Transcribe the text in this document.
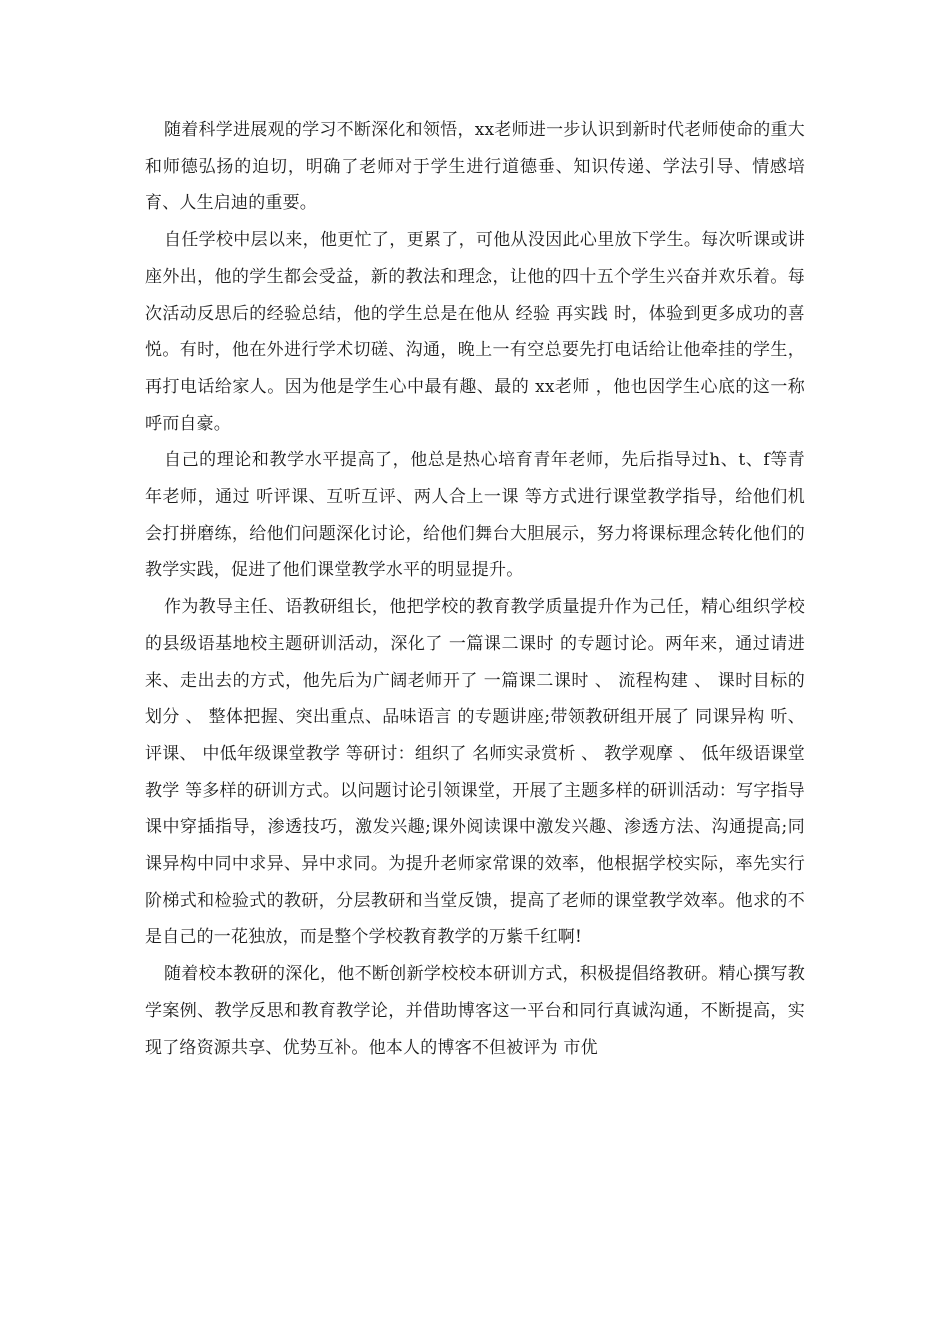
随着科学进展观的学习不断深化和领悟，xx老师进一步认识到新时代老师使命的重大和师德弘扬的迫切，明确了老师对于学生进行道德垂、知识传递、学法引导、情感培育、人生启迪的重要。

自任学校中层以来，他更忙了，更累了，可他从没因此心里放下学生。每次听课或讲座外出，他的学生都会受益，新的教法和理念，让他的四十五个学生兴奋并欢乐着。每次活动反思后的经验总结，他的学生总是在他从 经验 再实践 时，体验到更多成功的喜悦。有时，他在外进行学术切磋、沟通，晚上一有空总要先打电话给让他牵挂的学生，再打电话给家人。因为他是学生心中最有趣、最的 xx老师 ，他也因学生心底的这一称呼而自豪。

自己的理论和教学水平提高了，他总是热心培育青年老师，先后指导过h、t、f等青年老师，通过 听评课、互听互评、两人合上一课 等方式进行课堂教学指导，给他们机会打拼磨练，给他们问题深化讨论，给他们舞台大胆展示，努力将课标理念转化他们的教学实践，促进了他们课堂教学水平的明显提升。

作为教导主任、语教研组长，他把学校的教育教学质量提升作为己任，精心组织学校的县级语基地校主题研训活动，深化了 一篇课二课时 的专题讨论。两年来，通过请进来、走出去的方式，他先后为广阔老师开了 一篇课二课时 、 流程构建 、 课时目标的划分 、 整体把握、突出重点、品味语言 的专题讲座;带领教研组开展了 同课异构 听、评课、 中低年级课堂教学 等研讨：组织了 名师实录赏析 、 教学观摩 、 低年级语课堂教学 等多样的研训方式。以问题讨论引领课堂，开展了主题多样的研训活动：写字指导课中穿插指导，渗透技巧，激发兴趣;课外阅读课中激发兴趣、渗透方法、沟通提高;同课异构中同中求异、异中求同。为提升老师家常课的效率，他根据学校实际，率先实行阶梯式和检验式的教研，分层教研和当堂反馈，提高了老师的课堂教学效率。他求的不是自己的一花独放，而是整个学校教育教学的万紫千红啊!

随着校本教研的深化，他不断创新学校校本研训方式，积极提倡络教研。精心撰写教学案例、教学反思和教育教学论，并借助博客这一平台和同行真诚沟通，不断提高，实现了络资源共享、优势互补。他本人的博客不但被评为 市优
